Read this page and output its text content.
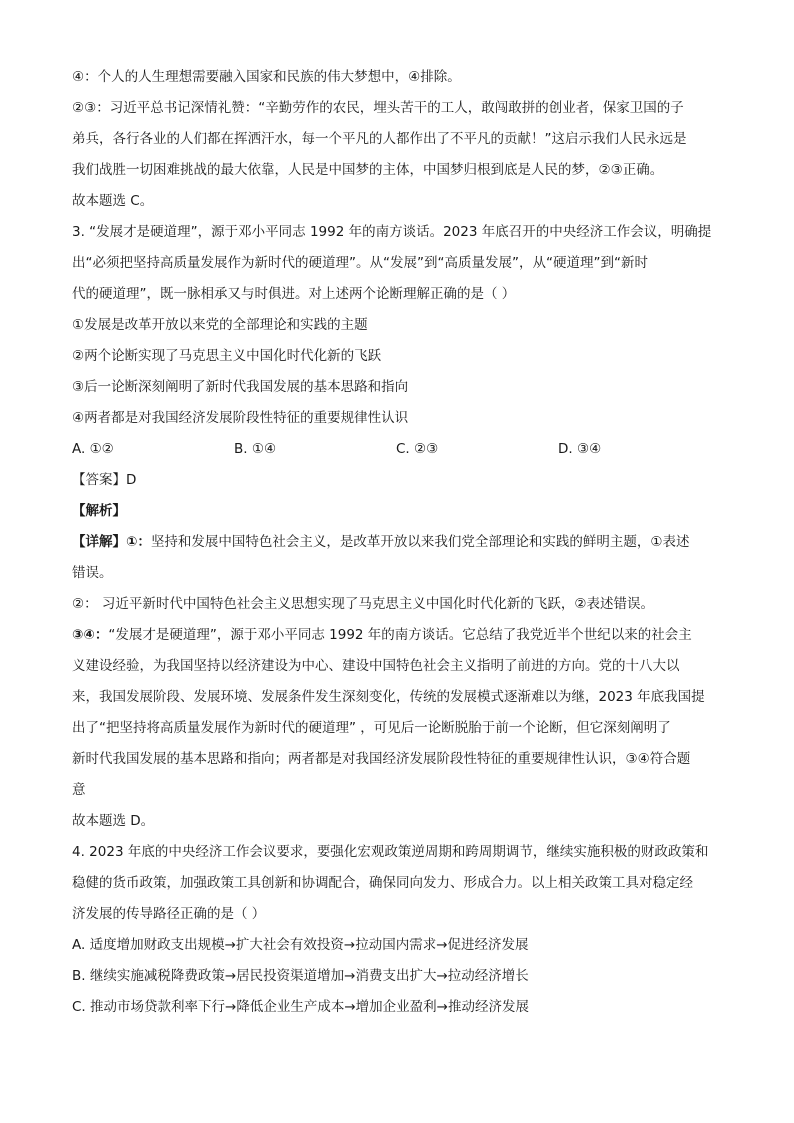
④：个人的人生理想需要融入国家和民族的伟大梦想中，④排除。
②③：习近平总书记深情礼赞：“辛勤劳作的农民，埋头苦干的工人，敢闯敢拼的创业者，保家卫国的子
弟兵，各行各业的人们都在挥洒汗水，每一个平凡的人都作出了不平凡的贡献！”这启示我们人民永远是
我们战胜一切困难挑战的最大依靠，人民是中国梦的主体，中国梦归根到底是人民的梦，②③正确。
故本题选 C。
3. “发展才是硬道理”，源于邓小平同志 1992 年的南方谈话。2023 年底召开的中央经济工作会议，明确提
出“必须把坚持高质量发展作为新时代的硬道理”。从“发展”到“高质量发展”，从“硬道理”到“新时
代的硬道理”，既一脉相承又与时俱进。对上述两个论断理解正确的是（ ）
①发展是改革开放以来党的全部理论和实践的主题
②两个论断实现了马克思主义中国化时代化新的飞跃
③后一论断深刻阐明了新时代我国发展的基本思路和指向
④两者都是对我国经济发展阶段性特征的重要规律性认识
A. ①②	B. ①④	C. ②③	D. ③④
【答案】D
【解析】
【详解】①：坚持和发展中国特色社会主义，是改革开放以来我们党全部理论和实践的鲜明主题，①表述
错误。
②： 习近平新时代中国特色社会主义思想实现了马克思主义中国化时代化新的飞跃，②表述错误。
③④：“发展才是硬道理”，源于邓小平同志 1992 年的南方谈话。它总结了我党近半个世纪以来的社会主
义建设经验，为我国坚持以经济建设为中心、建设中国特色社会主义指明了前进的方向。党的十八大以
来，我国发展阶段、发展环境、发展条件发生深刻变化，传统的发展模式逐渐难以为继，2023 年底我国提
出了“把坚持将高质量发展作为新时代的硬道理” ，可见后一论断脱胎于前一个论断，但它深刻阐明了
新时代我国发展的基本思路和指向；两者都是对我国经济发展阶段性特征的重要规律性认识，③④符合题
意
故本题选 D。
4. 2023 年底的中央经济工作会议要求，要强化宏观政策逆周期和跨周期调节，继续实施积极的财政政策和
稳健的货币政策，加强政策工具创新和协调配合，确保同向发力、形成合力。以上相关政策工具对稳定经
济发展的传导路径正确的是（ ）
A. 适度增加财政支出规模→扩大社会有效投资→拉动国内需求→促进经济发展
B. 继续实施减税降费政策→居民投资渠道增加→消费支出扩大→拉动经济增长
C. 推动市场贷款利率下行→降低企业生产成本→增加企业盈利→推动经济发展
